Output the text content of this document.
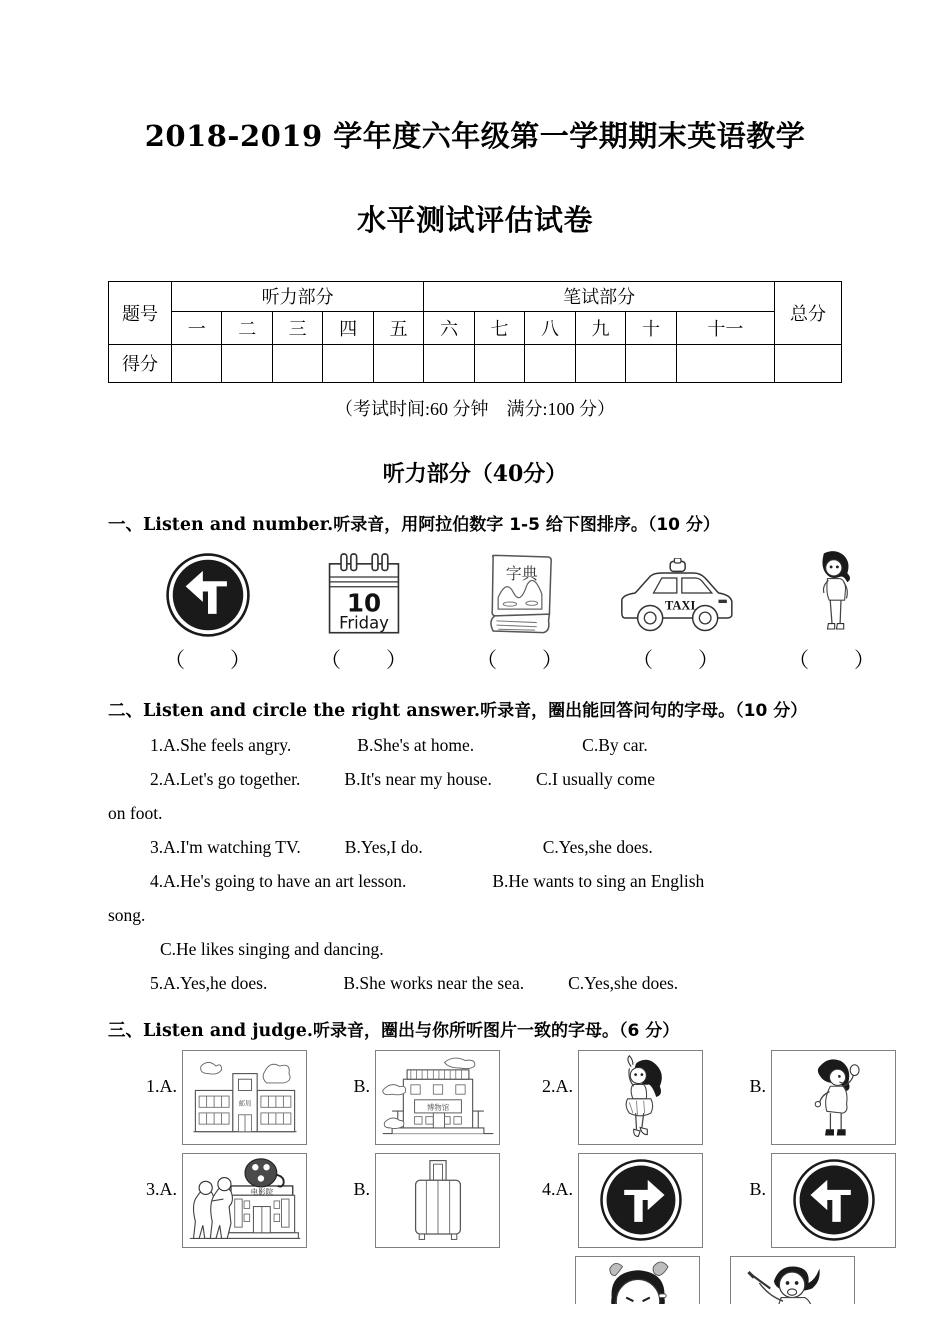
2018-2019 学年度六年级第一学期期末英语教学
水平测试评估试卷
题号	听力部分					笔试部分						总分
	一	二	三	四	五	六	七	八	九	十	十一	
得分												
（考试时间:60 分钟　满分:100 分）
听力部分（40分）
一、Listen and number.听录音，用阿拉伯数字 1-5 给下图排序。（10 分）
10
Friday
字典
TAXI
（　　）	（　　）	（　　）	（　　）	（　　）
二、Listen and circle the right answer.听录音，圈出能回答问句的字母。（10 分）
1.A.She feels angry.	B.She's at home.	C.By car.
2.A.Let's go together.	B.It's near my house.	C.I usually come
on foot.
3.A.I'm watching TV.	B.Yes,I do.	C.Yes,she does.
4.A.He's going to have an art lesson.	B.He wants to sing an English
song.
C.He likes singing and dancing.
5.A.Yes,he does.	B.She works near the sea.	C.Yes,she does.
三、Listen and judge.听录音，圈出与你所听图片一致的字母。（6 分）
1.A.
邮局
B.
博物馆
2.A.	B.
3.A.	电影院	B.	4.A.	B.
